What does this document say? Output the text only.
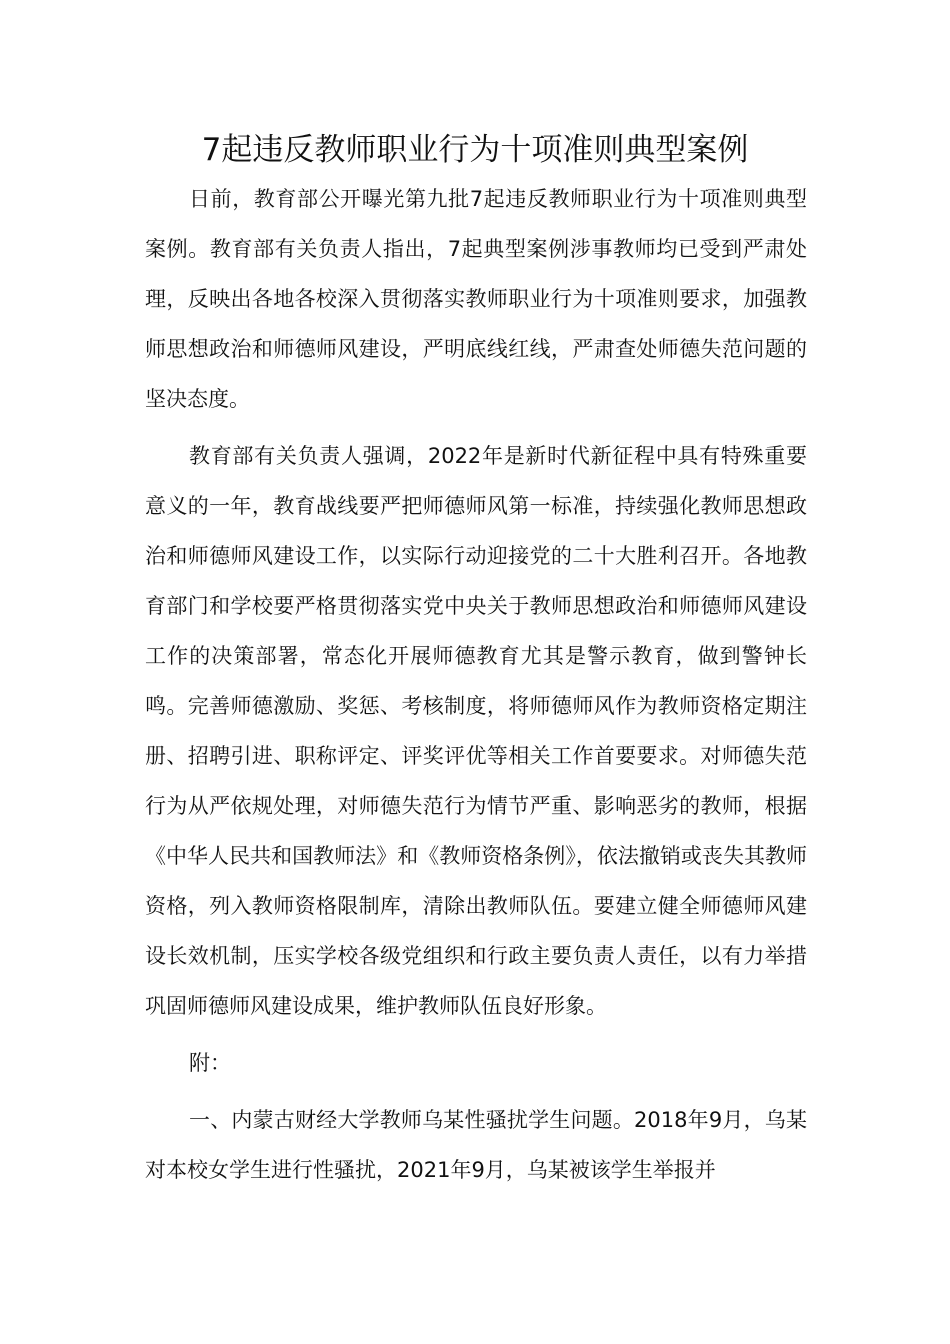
7起违反教师职业行为十项准则典型案例

日前，教育部公开曝光第九批7起违反教师职业行为十项准则典型案例。教育部有关负责人指出，7起典型案例涉事教师均已受到严肃处理，反映出各地各校深入贯彻落实教师职业行为十项准则要求，加强教师思想政治和师德师风建设，严明底线红线，严肃查处师德失范问题的坚决态度。

教育部有关负责人强调，2022年是新时代新征程中具有特殊重要意义的一年，教育战线要严把师德师风第一标准，持续强化教师思想政治和师德师风建设工作，以实际行动迎接党的二十大胜利召开。各地教育部门和学校要严格贯彻落实党中央关于教师思想政治和师德师风建设工作的决策部署，常态化开展师德教育尤其是警示教育，做到警钟长鸣。完善师德激励、奖惩、考核制度，将师德师风作为教师资格定期注册、招聘引进、职称评定、评奖评优等相关工作首要要求。对师德失范行为从严依规处理，对师德失范行为情节严重、影响恶劣的教师，根据《中华人民共和国教师法》和《教师资格条例》，依法撤销或丧失其教师资格，列入教师资格限制库，清除出教师队伍。要建立健全师德师风建设长效机制，压实学校各级党组织和行政主要负责人责任，以有力举措巩固师德师风建设成果，维护教师队伍良好形象。

附：

一、内蒙古财经大学教师乌某性骚扰学生问题。2018年9月，乌某对本校女学生进行性骚扰，2021年9月，乌某被该学生举报并
